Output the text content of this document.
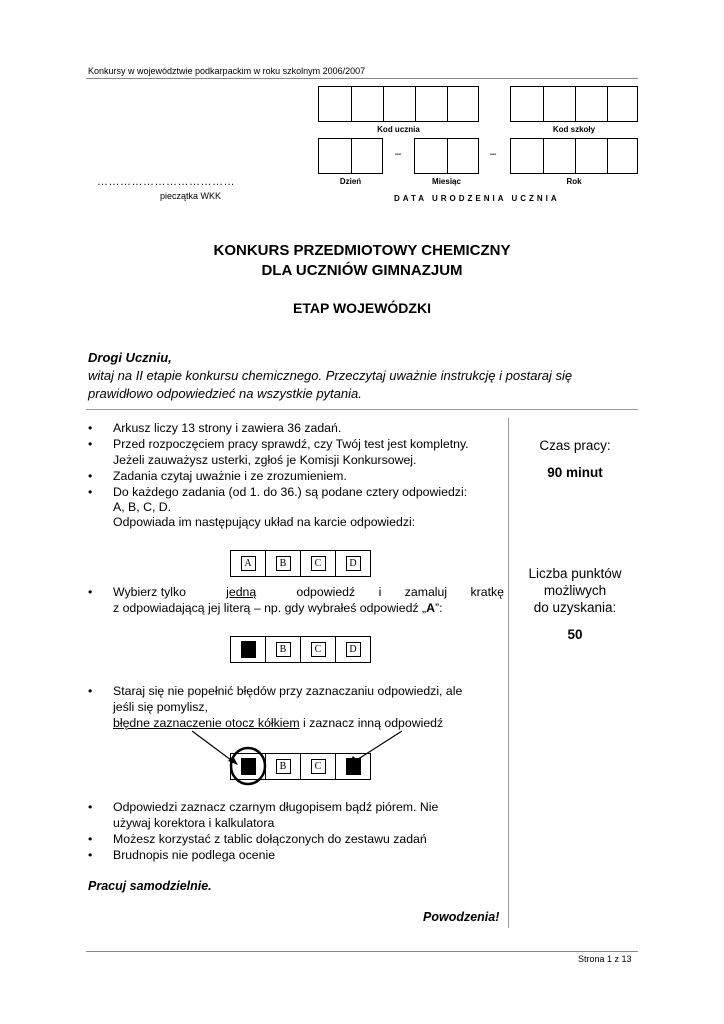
Konkursy w województwie podkarpackim w roku szkolnym 2006/2007
Kod ucznia	Kod szkoły
–	–
Dzień	Miesiąc	Rok
DATA URODZENIA UCZNIA
………………………………
pieczątka WKK
KONKURS PRZEDMIOTOWY CHEMICZNY
DLA UCZNIÓW GIMNAZJUM
ETAP WOJEWÓDZKI
Drogi Uczniu,
witaj na II etapie konkursu chemicznego. Przeczytaj uważnie instrukcję i postaraj się prawidłowo odpowiedzieć na wszystkie pytania.
• Arkusz liczy 13 strony i zawiera 36 zadań.
• Przed rozpoczęciem pracy sprawdź, czy Twój test jest kompletny.
Jeżeli zauważysz usterki, zgłoś je Komisji Konkursowej.
• Zadania czytaj uważnie i ze zrozumieniem.
• Do każdego zadania (od 1. do 36.) są podane cztery odpowiedzi:
A, B, C, D.
Odpowiada im następujący układ na karcie odpowiedzi:
A	B	C	D
• Wybierz tylko	jedną	odpowiedź i zamaluj kratkę
z odpowiadającą jej literą – np. gdy wybrałeś odpowiedź „A”:
B	C	D
• Staraj się nie popełnić błędów przy zaznaczaniu odpowiedzi, ale
jeśli się pomylisz,
błędne zaznaczenie otocz kółkiem i zaznacz inną odpowiedź
B	C
• Odpowiedzi zaznacz czarnym długopisem bądź piórem. Nie
używaj korektora i kalkulatora
• Możesz korzystać z tablic dołączonych do zestawu zadań
• Brudnopis nie podlega ocenie
Pracuj samodzielnie.
Powodzenia!
Czas pracy:
90 minut
Liczba punktów
możliwych
do uzyskania:
50
Strona 1 z 13
